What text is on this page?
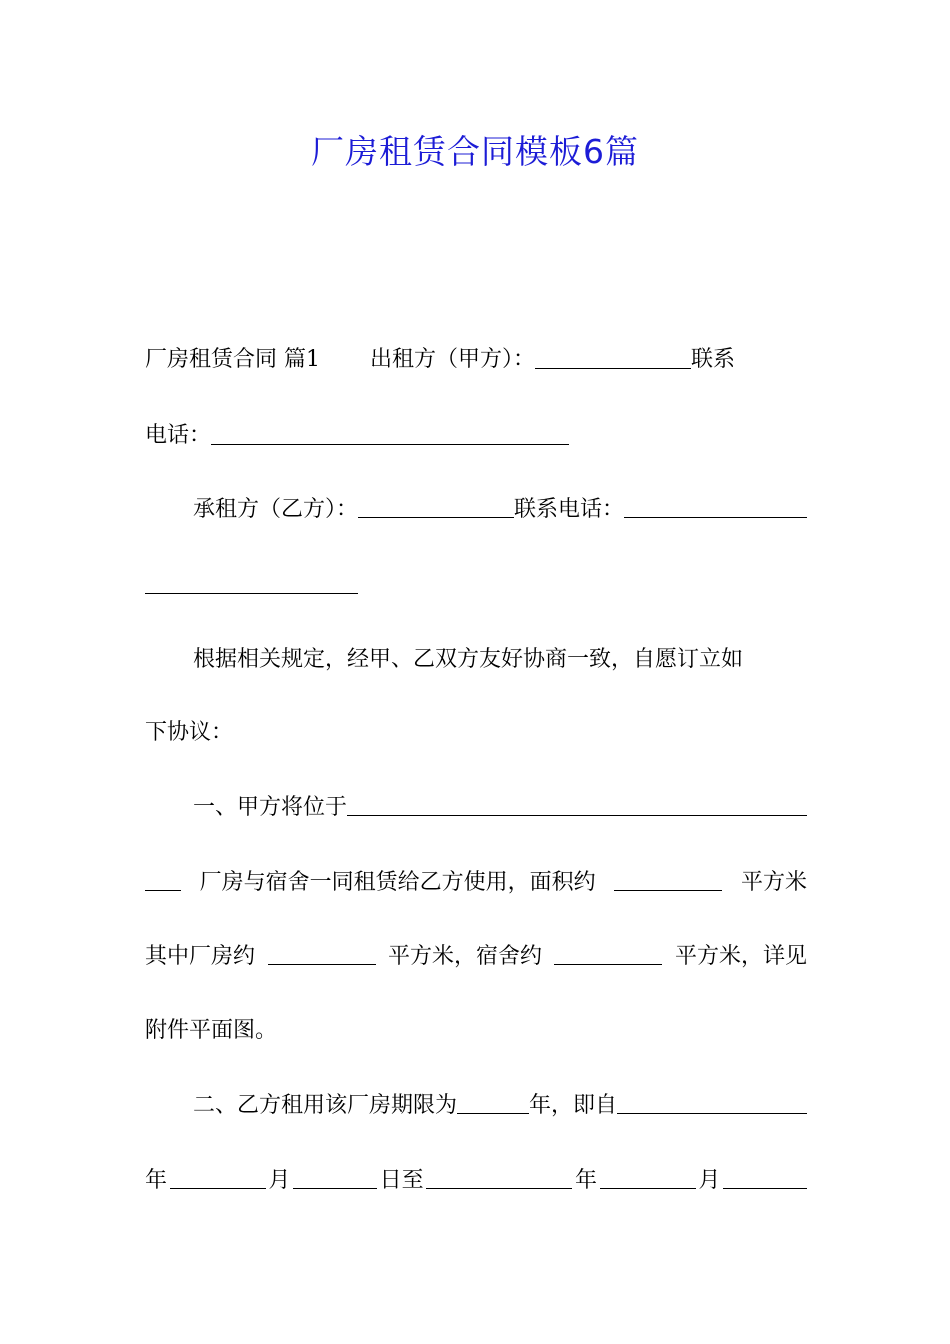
厂房租赁合同模板6篇
厂房租赁合同 篇1 出租方（甲方）：	联系
电话：
承租方（乙方）：	联系电话：
根据相关规定，经甲、乙双方友好协商一致，自愿订立如
下协议：
一、甲方将位于
厂房与宿舍一同租赁给乙方使用，面积约	平方米
其中厂房约	平方米，宿舍约	平方米，详见
附件平面图。
二、乙方租用该厂房期限为	年，即自
年	月	日至	年	月
